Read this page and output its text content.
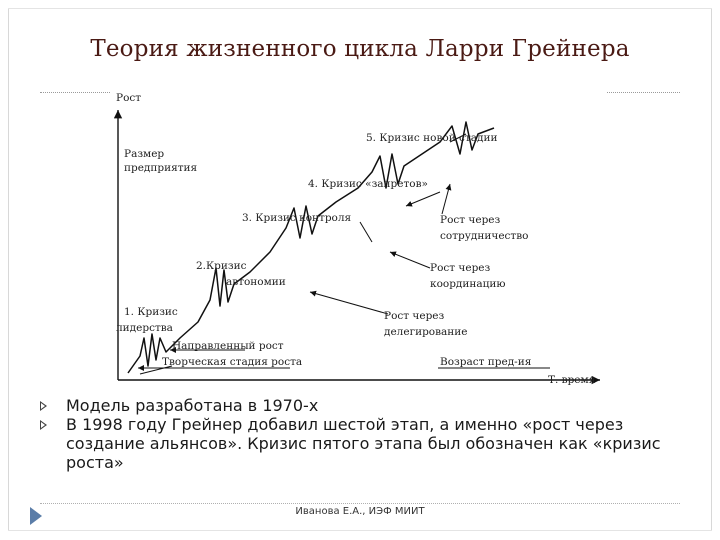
Теория жизненного цикла Ларри Грейнера
Рост
Размер
предприятия
5. Кризис новой стадии
4. Кризис «запретов»
3. Кризис контроля
2.Кризис
автономии
1. Кризис
лидерства
Рост через
сотрудничество
Рост через
координацию
Рост через
делегирование
Направленный рост
Творческая стадия роста	Возраст пред-ия
Т. время
Модель разработана в 1970-х
В 1998 году Грейнер добавил шестой этап, а именно «рост через создание альянсов». Кризис пятого этапа был обозначен как «кризис роста»
Иванова Е.А., ИЭФ МИИТ
